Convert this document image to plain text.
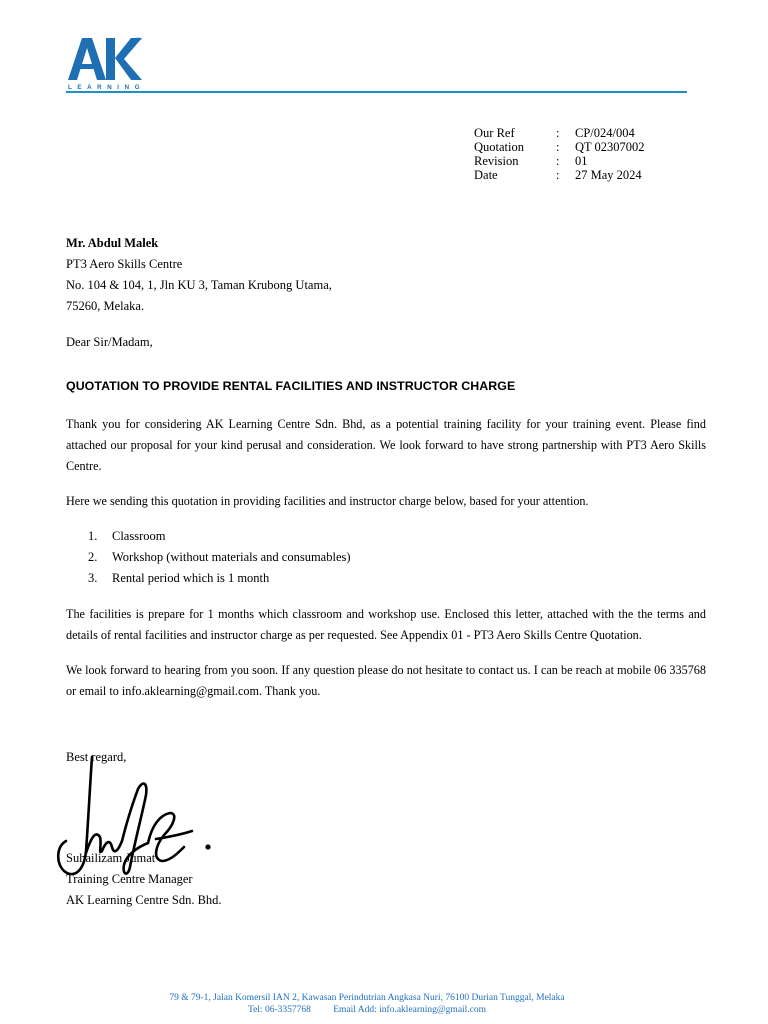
TM
LEARNING
Our Ref	:	CP/024/004
Quotation	:	QT 02307002
Revision	:	01
Date	:	27 May 2024
Mr. Abdul Malek
PT3 Aero Skills Centre
No. 104 & 104, 1, Jln KU 3, Taman Krubong Utama,
75260, Melaka.
Dear Sir/Madam,
QUOTATION TO PROVIDE RENTAL FACILITIES AND INSTRUCTOR CHARGE
Thank you for considering AK Learning Centre Sdn. Bhd, as a potential training facility for your training event. Please find attached our proposal for your kind perusal and consideration. We look forward to have strong partnership with PT3 Aero Skills Centre.
Here we sending this quotation in providing facilities and instructor charge below, based for your attention.
1.	Classroom
2.	Workshop (without materials and consumables)
3.	Rental period which is 1 month
The facilities is prepare for 1 months which classroom and workshop use. Enclosed this letter, attached with the the terms and details of rental facilities and instructor charge as per requested. See Appendix 01 - PT3 Aero Skills Centre Quotation.
We look forward to hearing from you soon. If any question please do not hesitate to contact us. I can be reach at mobile 06 335768 or email to info.aklearning@gmail.com. Thank you.
Best regard,
Suhailizam Jumat
Training Centre Manager
AK Learning Centre Sdn. Bhd.
79 & 79-1, Jalan Komersil IAN 2, Kawasan Perindutrian Angkasa Nuri, 76100 Durian Tunggal, Melaka
Tel: 06-3357768 Email Add: info.aklearning@gmail.com
